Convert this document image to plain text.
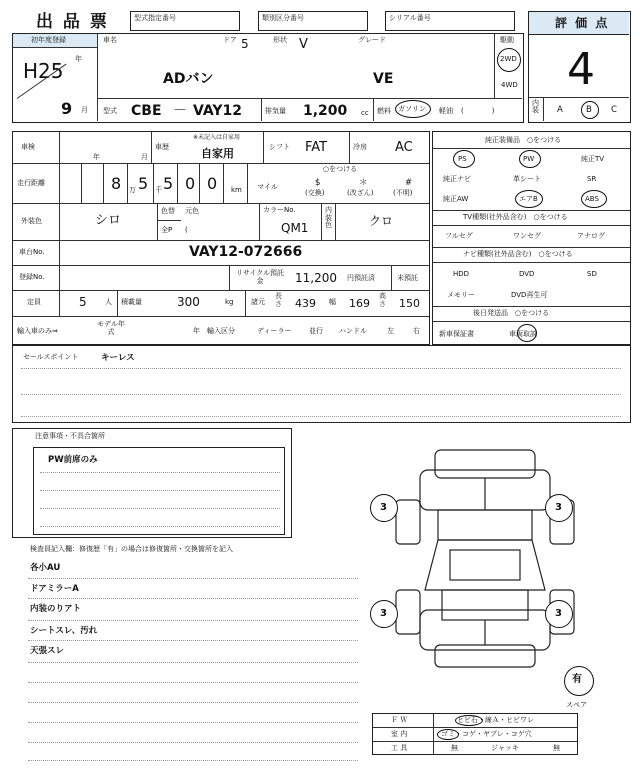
出 品 票	型式指定番号	類別区分番号	シリアル番号	評 価 点
4
内装 A	B C
初年度登録
H25 年
9 月
車名
ADバン
ドア 5	形状 V	グレード
VE
駆動
2WD
4WD
型式 CBE － VAY12	排気量 1,200 cc 燃料 ガソリン 軽油 (　　　　)
車検
年	月
車歴
※未記入は自家用
自家用	シフト FAT	冷房 AC
走行距離	8 万 5 千 5 0 0 km マイル
○をつける
$
(交換)
＊
(改ざん)
#
(不明)
外装色	シロ
色替 元色
全P (
カラーNo.
QM1
内装色	クロ
車台No.	VAY12-072666
登録No.	リサイクル預託金	11,200 円預託済	未預託
定員	5	人 積載量	300	kg	諸元
長さ 439 幅 169
高さ 150
輸入車のみ⇒
モデル年式	年 輸入区分	ディーラー	並行 ハンドル	左	右
純正装備品　○をつける
PS	PW	純正TV
純正ナビ	革シート	SR
純正AW	エアB	ABS
TV種類(社外品含む)　○をつける
フルセグ	ワンセグ	アナログ
ナビ種類(社外品含む)　○をつける
HDD	DVD	SD
メモリー	DVD再生可
後日発送品　○をつける
新車保証書	車両取説
セールスポイント	キーレス
注意事項・不具合箇所
PW前席のみ
検査員記入欄：修復歴「有」の場合は修復箇所・交換箇所を記入
各小AU
ドアミラーA
内装のりアト
シートスレ、汚れ
天張スレ
3	3
3	3
有
スペア
Ｆ Ｗ	ヒビ石・線Ａ・ヒビワレ
室 内	ゴミ・コゲ・ヤブレ・コゲ穴
工 具	無	ジャッキ	無
